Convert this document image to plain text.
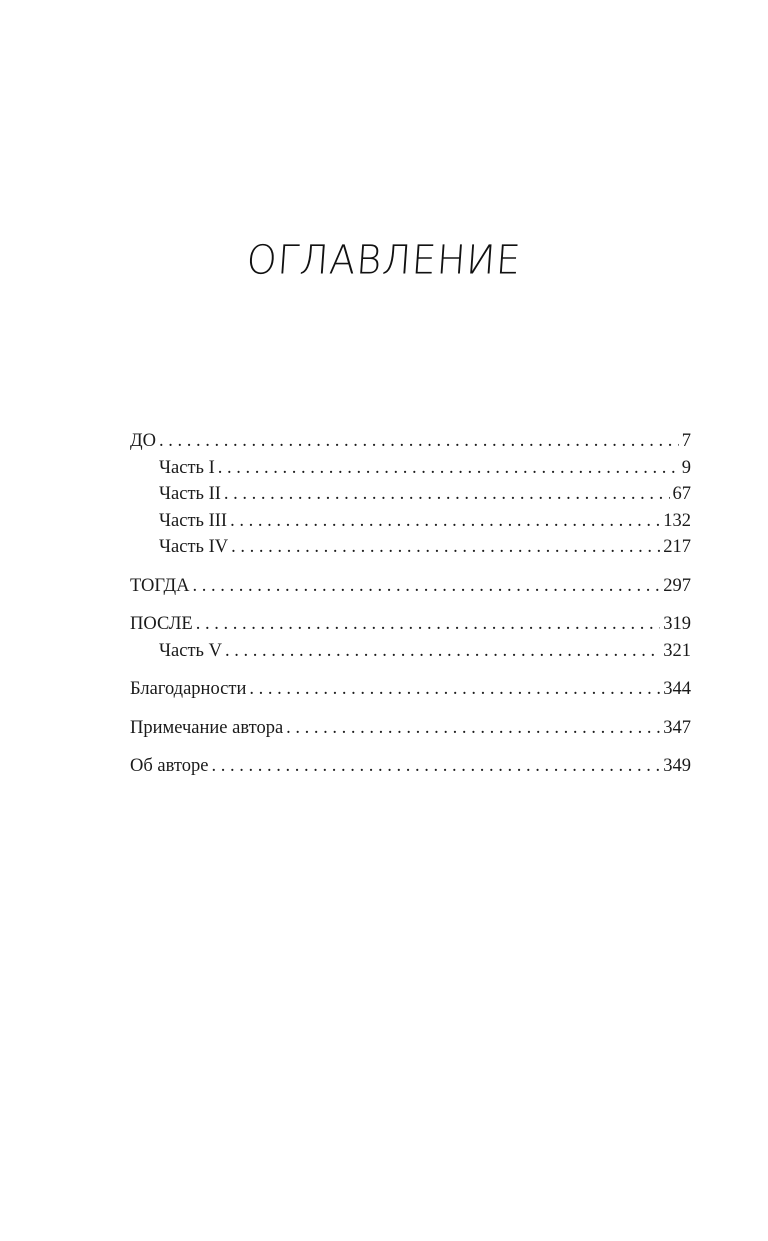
ОГЛАВЛЕНИЕ
ДО . . .	7
Часть I . . .	9
Часть II . . .	67
Часть III . . .	132
Часть IV . . .	217
ТОГДА . . .	297
ПОСЛЕ . . .	319
Часть V . . .	321
Благодарности . . .	344
Примечание автора . . .	347
Об авторе . . .	349
